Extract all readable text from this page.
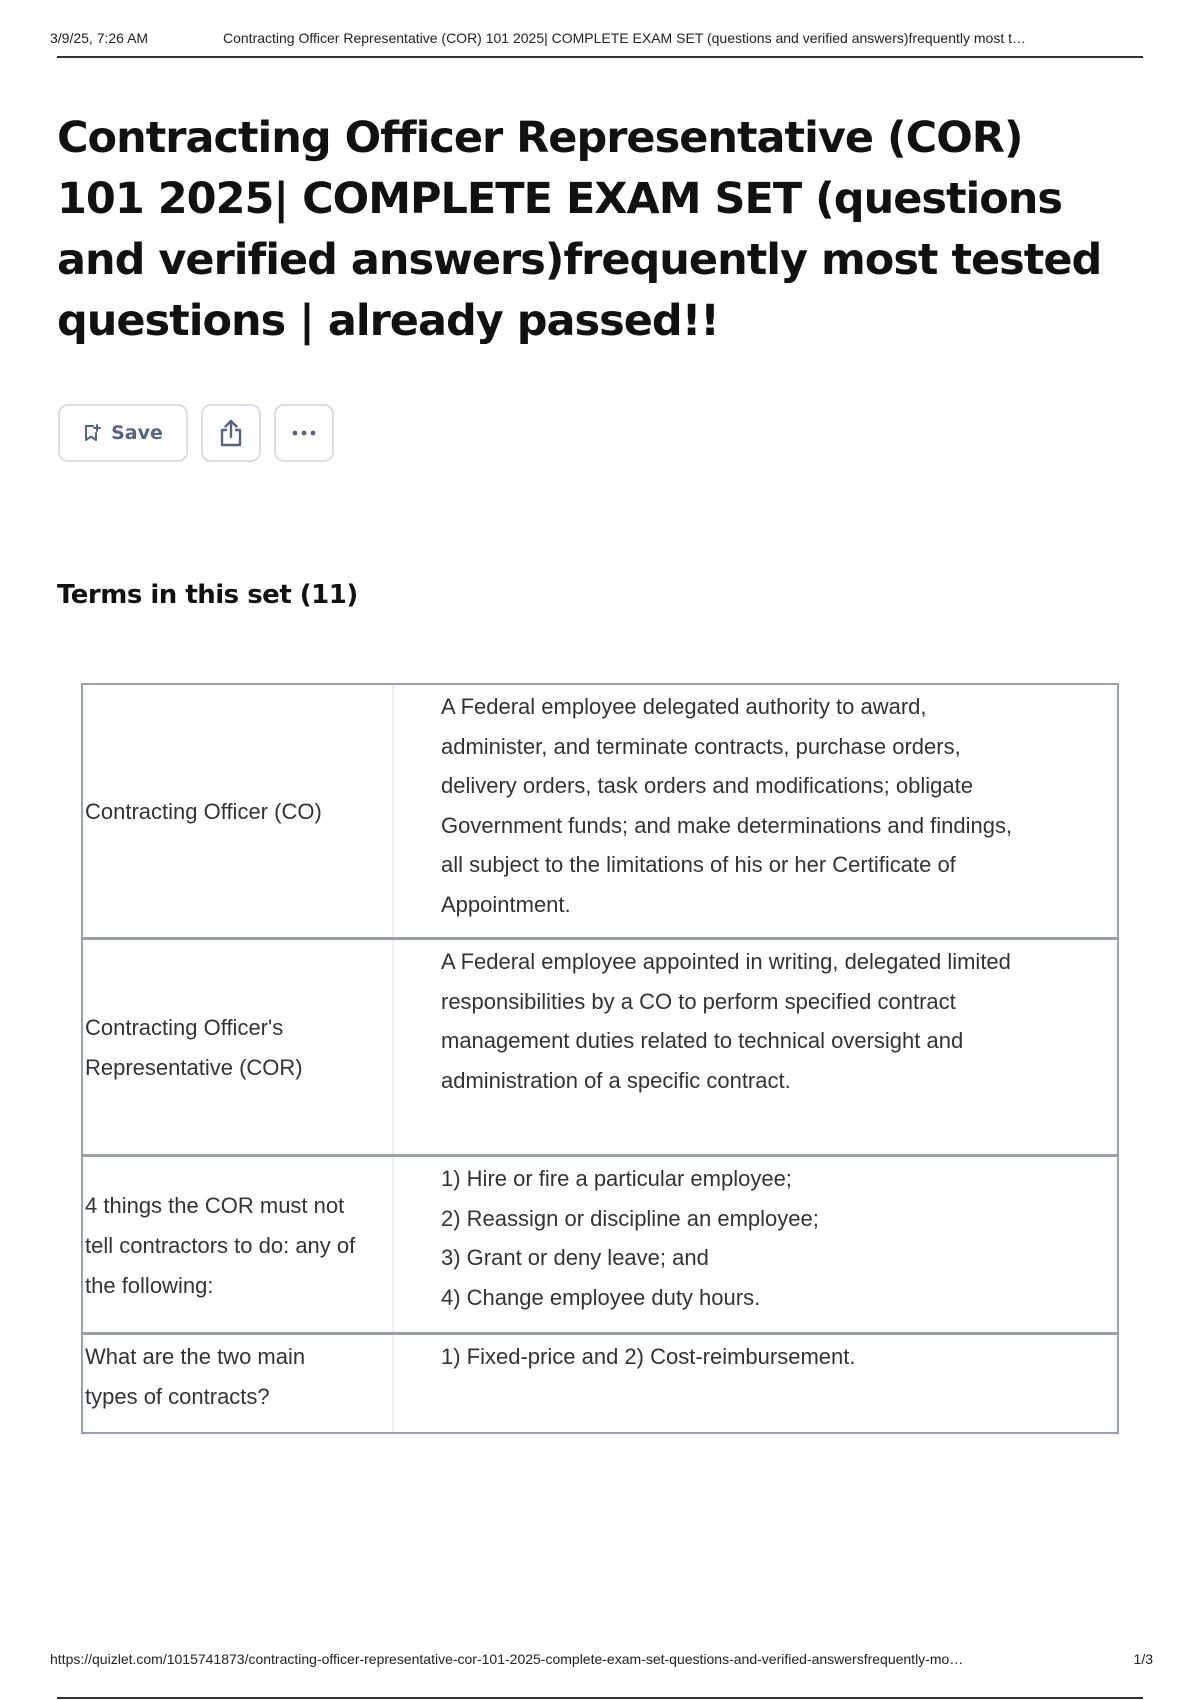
3/9/25, 7:26 AM	Contracting Officer Representative (COR) 101 2025| COMPLETE EXAM SET (questions and verified answers)frequently most t…
Contracting Officer Representative (COR) 101 2025| COMPLETE EXAM SET (questions and verified answers)frequently most tested questions | already passed!!
Save
Terms in this set (11)
Contracting Officer (CO)
A Federal employee delegated authority to award, administer, and terminate contracts, purchase orders, delivery orders, task orders and modifications; obligate Government funds; and make determinations and findings, all subject to the limitations of his or her Certificate of Appointment.
Contracting Officer's Representative (COR)
A Federal employee appointed in writing, delegated limited responsibilities by a CO to perform specified contract management duties related to technical oversight and administration of a specific contract.
4 things the COR must not tell contractors to do: any of the following:
1) Hire or fire a particular employee;
2) Reassign or discipline an employee;
3) Grant or deny leave; and
4) Change employee duty hours.
What are the two main types of contracts?
1) Fixed-price and 2) Cost-reimbursement.
https://quizlet.com/1015741873/contracting-officer-representative-cor-101-2025-complete-exam-set-questions-and-verified-answersfrequently-mo…	1/3
